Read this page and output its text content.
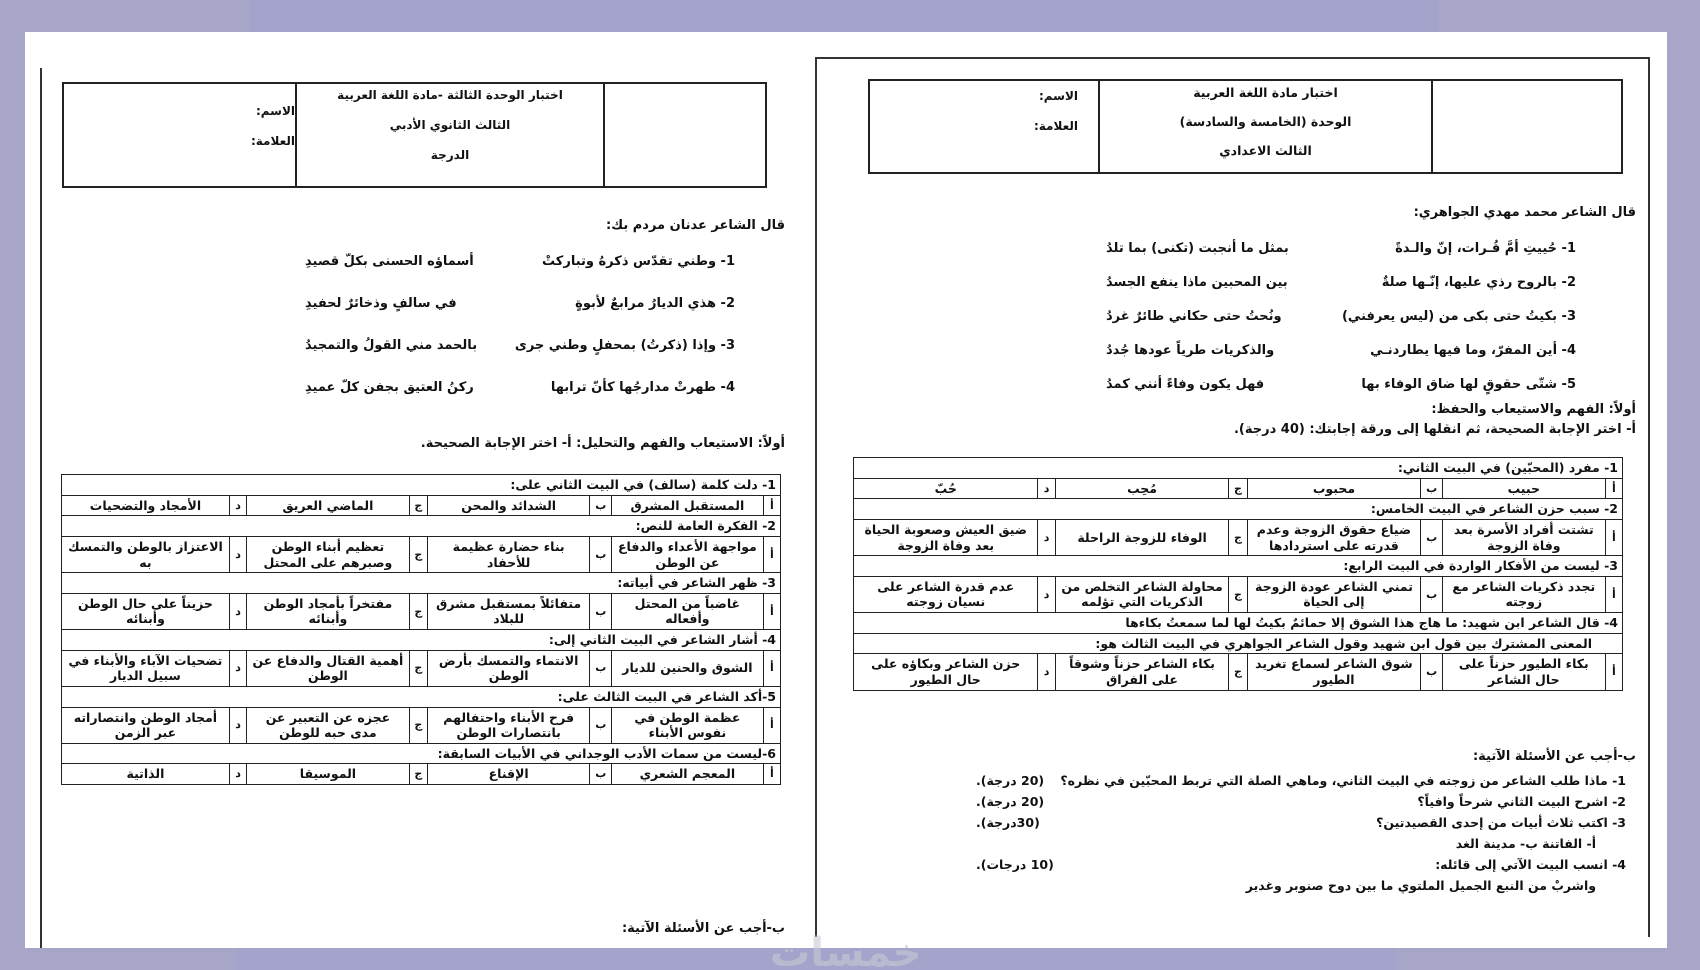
الاسم:
العلامة:
اختبار الوحدة الثالثة -مادة اللغة العربية
الثالث الثانوي الأدبي
الدرجة
قال الشاعر عدنان مردم بك:
1- وطني تقدّس ذكرهُ وتباركتْ
أسماؤه الحسنى بكلّ قصيدِ
2- هذي الديارُ مرابعٌ لأبوةٍ
في سالفٍ وذخائرٌ لحفيدِ
3- وإذا (ذكرتُ) بمحفلٍ وطني جرى
بالحمد مني القولُ والتمجيدُ
4- طهرتْ مدارجُها كأنّ ترابها
ركنُ العتيق بجفن كلّ عميدِ
أولاً: الاستيعاب والفهم والتحليل: أ- اختر الإجابة الصحيحة.
1- دلت كلمة (سالف) في البيت الثاني على:							
أ	المستقبل المشرق	ب	الشدائد والمحن	ج	الماضي العريق	د	الأمجاد والتضحيات
2- الفكرة العامة للنص:							
أ	مواجهة الأعداء والدفاع عن الوطن	ب	بناء حضارة عظيمة للأحفاد	ج	تعظيم أبناء الوطن وصبرهم على المحتل	د	الاعتزاز بالوطن والتمسك به
3- ظهر الشاعر في أبياته:							
أ	غاضباً من المحتل وأفعاله	ب	متفائلاً بمستقبل مشرق للبلاد	ج	مفتخراً بأمجاد الوطن وأبنائه	د	حزيناً على حال الوطن وأبنائه
4- أشار الشاعر في البيت الثاني إلى:							
أ	الشوق والحنين للديار	ب	الانتماء والتمسك بأرض الوطن	ج	أهمية القتال والدفاع عن الوطن	د	تضحيات الآباء والأبناء في سبيل الديار
5-أكد الشاعر في البيت الثالث على:							
أ	عظمة الوطن في نفوس الأبناء	ب	فرح الأبناء واحتفالهم بانتصارات الوطن	ج	عجزه عن التعبير عن مدى حبه للوطن	د	أمجاد الوطن وانتصاراته عبر الزمن
6-ليست من سمات الأدب الوجداني في الأبيات السابقة:							
أ	المعجم الشعري	ب	الإقناع	ج	الموسيقا	د	الذاتية
ب-أجب عن الأسئلة الآتية:
الاسم:
العلامة:
اختبار مادة اللغة العربية
الوحدة (الخامسة والسادسة)
الثالث الاعدادي
قال الشاعر محمد مهدي الجواهري:
1- حُييتِ أمَّ فُـرات، إنّ والـدةً
بمثل ما أنجبت (تكنى) بما تلدُ
2- بالروح رذي عليها، إنّـها صلةٌ
بين المحبين ماذا ينفع الجسدُ
3- بكيتُ حتى بكى من (ليس يعرفني)
ونُحتُ حتى حكاني طائرٌ غردُ
4- أين المفرّ، وما فيها يطاردنـي
والذكريات طرياً عودها جُددُ
5- شتّى حقوقٍ لها ضاق الوفاء بها
فهل يكون وفاءً أنني كمدُ
أولاً: الفهم والاستيعاب والحفظ:
أ- اختر الإجابة الصحيحة، ثم انقلها إلى ورقة إجابتك: (40 درجة).
1- مفرد (المحبّين) في البيت الثاني:							
أ	حبيب	ب	محبوب	ج	مُحِب	د	حُبّ
2- سبب حزن الشاعر في البيت الخامس:							
أ	تشتت أفراد الأسرة بعد وفاة الزوجة	ب	ضياع حقوق الزوجة وعدم قدرته على استردادها	ج	الوفاء للزوجة الراحلة	د	ضيق العيش وصعوبة الحياة بعد وفاة الزوجة
3- ليست من الأفكار الواردة في البيت الرابع:							
أ	تجدد ذكريات الشاعر مع زوجته	ب	تمني الشاعر عودة الزوجة إلى الحياة	ج	محاولة الشاعر التخلص من الذكريات التي تؤلمه	د	عدم قدرة الشاعر على نسيان زوجته
4- قال الشاعر ابن شهيد: ما هاج هذا الشوق إلا حمائمٌ بكيتُ لها لما سمعتُ بكاءها							
المعنى المشترك بين قول ابن شهيد وقول الشاعر الجواهري في البيت الثالث هو:							
أ	بكاء الطيور حزناً على حال الشاعر	ب	شوق الشاعر لسماع تغريد الطيور	ج	بكاء الشاعر حزناً وشوقاً على الفراق	د	حزن الشاعر وبكاؤه على حال الطيور
ب-أجب عن الأسئلة الآتية:
1- ماذا طلب الشاعر من زوجته في البيت الثاني، وماهي الصلة التي تربط المحبّين في نظره؟
(20 درجة).
2- اشرح البيت الثاني شرحاً وافياً؟
(20 درجة).
3- اكتب ثلاث أبيات من إحدى القصيدتين؟
(30درجة).
أ- الفاتنة ب- مدينة الغد
4- انسب البيت الآتي إلى قائله:
(10 درجات).
واشربْ من النبع الجميل الملتوي ما بين دوح صنوبر وغدير
خمسات
